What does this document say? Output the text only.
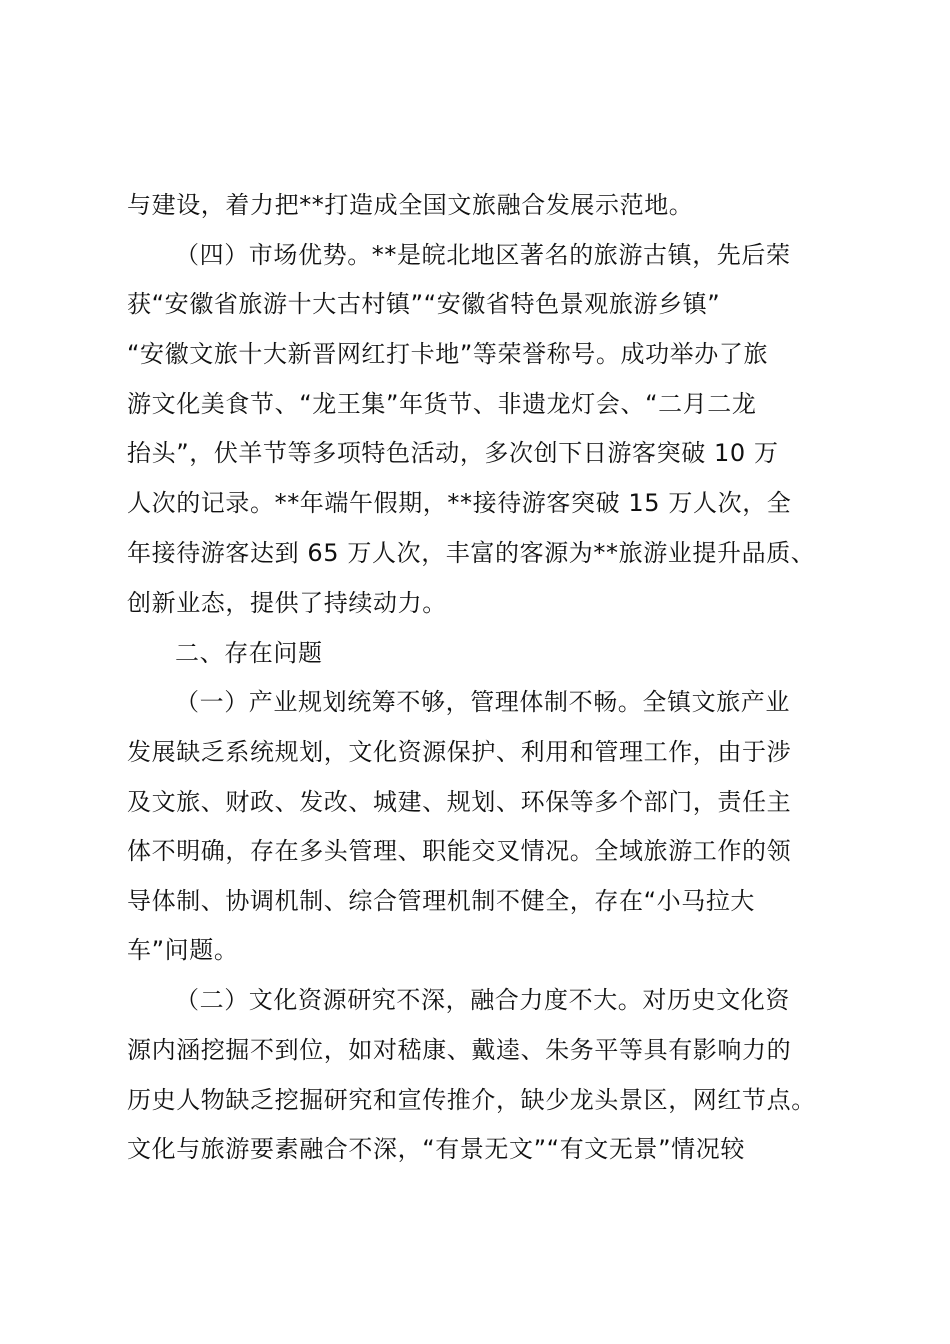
与建设，着力把**打造成全国文旅融合发展示范地。
（四）市场优势。**是皖北地区著名的旅游古镇，先后荣
获“安徽省旅游十大古村镇”“安徽省特色景观旅游乡镇”
“安徽文旅十大新晋网红打卡地”等荣誉称号。成功举办了旅
游文化美食节、“龙王集”年货节、非遗龙灯会、“二月二龙
抬头”，伏羊节等多项特色活动，多次创下日游客突破 10 万
人次的记录。**年端午假期，**接待游客突破 15 万人次，全
年接待游客达到 65 万人次，丰富的客源为**旅游业提升品质、
创新业态，提供了持续动力。
二、存在问题
（一）产业规划统筹不够，管理体制不畅。全镇文旅产业
发展缺乏系统规划，文化资源保护、利用和管理工作，由于涉
及文旅、财政、发改、城建、规划、环保等多个部门，责任主
体不明确，存在多头管理、职能交叉情况。全域旅游工作的领
导体制、协调机制、综合管理机制不健全，存在“小马拉大
车”问题。
（二）文化资源研究不深，融合力度不大。对历史文化资
源内涵挖掘不到位，如对嵇康、戴逵、朱务平等具有影响力的
历史人物缺乏挖掘研究和宣传推介，缺少龙头景区，网红节点。
文化与旅游要素融合不深，“有景无文”“有文无景”情况较
